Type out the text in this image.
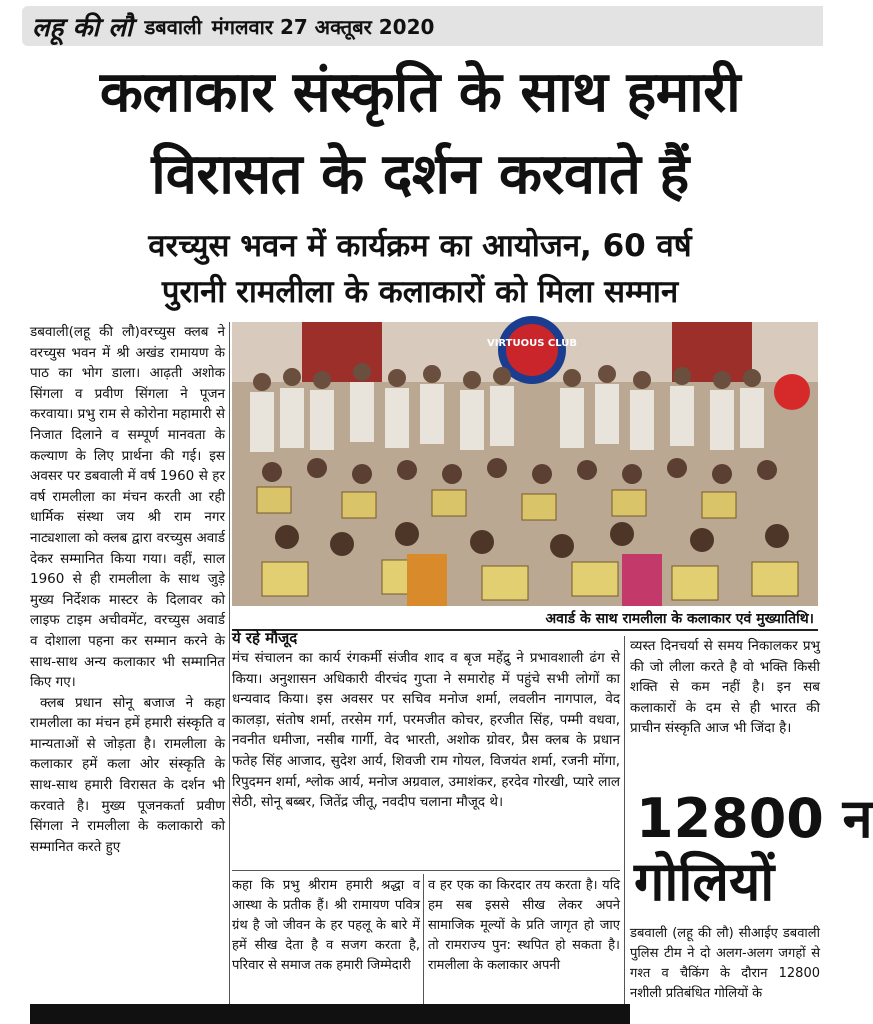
लहू की लौ डबवाली मंगलवार 27 अक्तूबर 2020
कलाकार संस्कृति के साथ हमारी
विरासत के दर्शन करवाते हैं
वरच्युस भवन में कार्यक्रम का आयोजन, 60 वर्ष
पुरानी रामलीला के कलाकारों को मिला सम्मान

डबवाली(लहू की लौ)वरच्युस क्लब ने वरच्युस भवन में श्री अखंड रामायण के पाठ का भोग डाला। आढ़ती अशोक सिंगला व प्रवीण सिंगला ने पूजन करवाया। प्रभु राम से कोरोना महामारी से निजात दिलाने व सम्पूर्ण मानवता के कल्याण के लिए प्रार्थना की गई। इस अवसर पर डबवाली में वर्ष 1960 से हर वर्ष रामलीला का मंचन करती आ रही धार्मिक संस्था जय श्री राम नगर नाट्यशाला को क्लब द्वारा वरच्युस अवार्ड देकर सम्मानित किया गया। वहीं, साल 1960 से ही रामलीला के साथ जुड़े मुख्य निर्देशक मास्टर के दिलावर को लाइफ टाइम अचीवमेंट, वरच्युस अवार्ड व दोशाला पहना कर सम्मान करने के साथ-साथ अन्य कलाकार भी सम्मानित किए गए।

क्लब प्रधान सोनू बजाज ने कहा रामलीला का मंचन हमें हमारी संस्कृति व मान्यताओं से जोड़ता है। रामलीला के कलाकार हमें कला ओर संस्कृति के साथ-साथ हमारी विरासत के दर्शन भी करवाते है। मुख्य पूजनकर्ता प्रवीण सिंगला ने रामलीला के कलाकारो को सम्मानित करते हुए

VIRTUOUS CLUB
अवार्ड के साथ रामलीला के कलाकार एवं मुख्यातिथि।
ये रहे मौजूद

मंच संचालन का कार्य रंगकर्मी संजीव शाद व बृज महेंद्रु ने प्रभावशाली ढंग से किया। अनुशासन अधिकारी वीरचंद गुप्ता ने समारोह में पहुंचे सभी लोगों का धन्यवाद किया। इस अवसर पर सचिव मनोज शर्मा, लवलीन नागपाल, वेद कालड़ा, संतोष शर्मा, तरसेम गर्ग, परमजीत कोचर, हरजीत सिंह, पम्मी वधवा, नवनीत धमीजा, नसीब गार्गी, वेद भारती, अशोक ग्रोवर, प्रैस क्लब के प्रधान फतेह सिंह आजाद, सुदेश आर्य, शिवजी राम गोयल, विजयंत शर्मा, रजनी मोंगा, रिपुदमन शर्मा, श्लोक आर्य, मनोज अग्रवाल, उमाशंकर, हरदेव गोरखी, प्यारे लाल सेठी, सोनू बब्बर, जितेंद्र जीतू, नवदीप चलाना मौजूद थे।

कहा कि प्रभु श्रीराम हमारी श्रद्धा व आस्था के प्रतीक हैं। श्री रामायण पवित्र ग्रंथ है जो जीवन के हर पहलू के बारे में हमें सीख देता है व सजग करता है, परिवार से समाज तक हमारी जिम्मेदारी

व हर एक का किरदार तय करता है। यदि हम सब इससे सीख लेकर अपने सामाजिक मूल्यों के प्रति जागृत हो जाए तो रामराज्य पुन: स्थपित हो सकता है। रामलीला के कलाकार अपनी

व्यस्त दिनचर्या से समय निकालकर प्रभु की जो लीला करते है वो भक्ति किसी शक्ति से कम नहीं है। इन सब कलाकारों के दम से ही भारत की प्राचीन संस्कृति आज भी जिंदा है।

12800 न
गोलियों

डबवाली (लहू की लौ) सीआईए डबवाली पुलिस टीम ने दो अलग-अलग जगहों से गश्त व चैकिंग के दौरान 12800 नशीली प्रतिबंधित गोलियों के
